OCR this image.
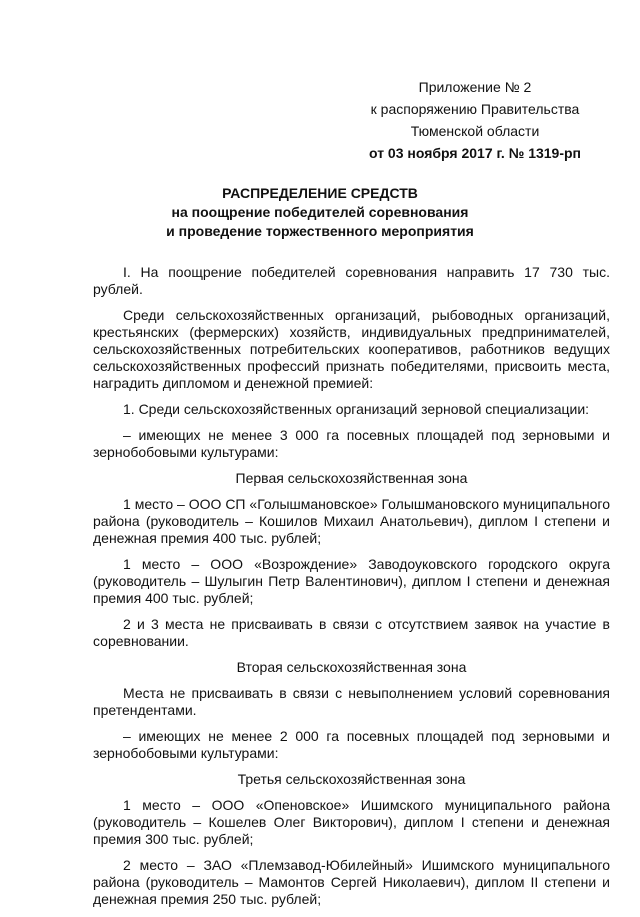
Приложение № 2
к распоряжению Правительства
Тюменской области
от 03 ноября 2017 г. № 1319-рп
РАСПРЕДЕЛЕНИЕ СРЕДСТВ
на поощрение победителей соревнования
и проведение торжественного мероприятия

I. На поощрение победителей соревнования направить 17 730 тыс. рублей.

Среди сельскохозяйственных организаций, рыбоводных организаций, крестьянских (фермерских) хозяйств, индивидуальных предпринимателей, сельскохозяйственных потребительских кооперативов, работников ведущих сельскохозяйственных профессий признать победителями, присвоить места, наградить дипломом и денежной премией:

1. Среди сельскохозяйственных организаций зерновой специализации:

– имеющих не менее 3 000 га посевных площадей под зерновыми и зернобобовыми культурами:

Первая сельскохозяйственная зона

1 место – ООО СП «Голышмановское» Голышмановского муниципального района (руководитель – Кошилов Михаил Анатольевич), диплом I степени и денежная премия 400 тыс. рублей;

1 место – ООО «Возрождение» Заводоуковского городского округа (руководитель – Шулыгин Петр Валентинович), диплом I степени и денежная премия 400 тыс. рублей;

2 и 3 места не присваивать в связи с отсутствием заявок на участие в соревновании.

Вторая сельскохозяйственная зона

Места не присваивать в связи с невыполнением условий соревнования претендентами.

– имеющих не менее 2 000 га посевных площадей под зерновыми и зернобобовыми культурами:

Третья сельскохозяйственная зона

1 место – ООО «Опеновское» Ишимского муниципального района (руководитель – Кошелев Олег Викторович), диплом I степени и денежная премия 300 тыс. рублей;

2 место – ЗАО «Племзавод-Юбилейный» Ишимского муниципального района (руководитель – Мамонтов Сергей Николаевич), диплом II степени и денежная премия 250 тыс. рублей;
